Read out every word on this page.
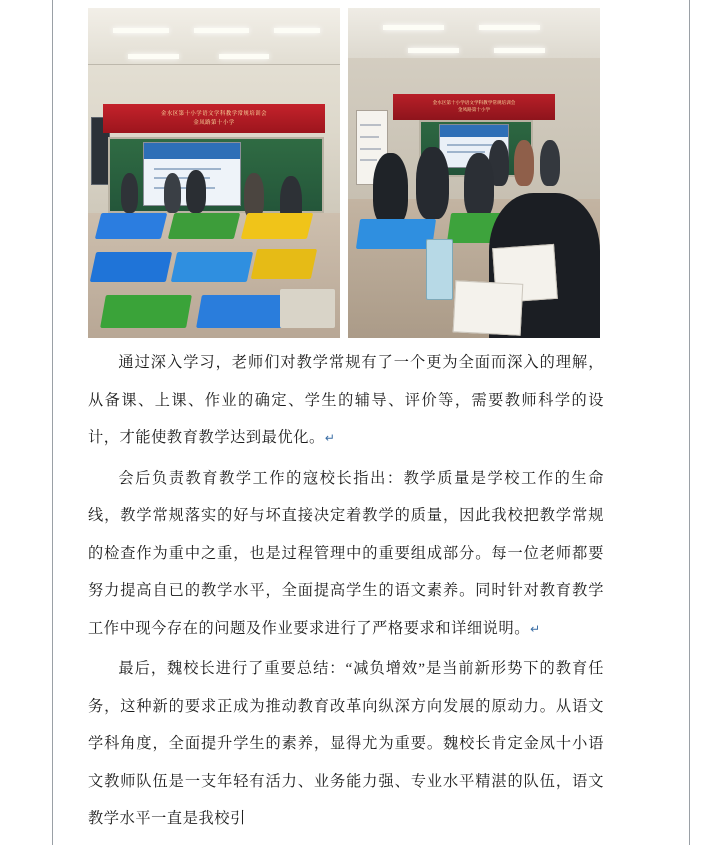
金水区第十小学语文学科教学常规培训会
金凤路第十小学
金水区第十小学语文学科教学常规培训会
金凤路第十小学

通过深入学习，老师们对教学常规有了一个更为全面而深入的理解，从备课、上课、作业的确定、学生的辅导、评价等，需要教师科学的设计，才能使教育教学达到最优化。↵

会后负责教育教学工作的寇校长指出：教学质量是学校工作的生命线，教学常规落实的好与坏直接决定着教学的质量，因此我校把教学常规的检查作为重中之重，也是过程管理中的重要组成部分。每一位老师都要努力提高自已的教学水平，全面提高学生的语文素养。同时针对教育教学工作中现今存在的问题及作业要求进行了严格要求和详细说明。↵

最后，魏校长进行了重要总结：“减负增效”是当前新形势下的教育任务，这种新的要求正成为推动教育改革向纵深方向发展的原动力。从语文学科角度，全面提升学生的素养，显得尤为重要。魏校长肯定金凤十小语文教师队伍是一支年轻有活力、业务能力强、专业水平精湛的队伍，语文教学水平一直是我校引
